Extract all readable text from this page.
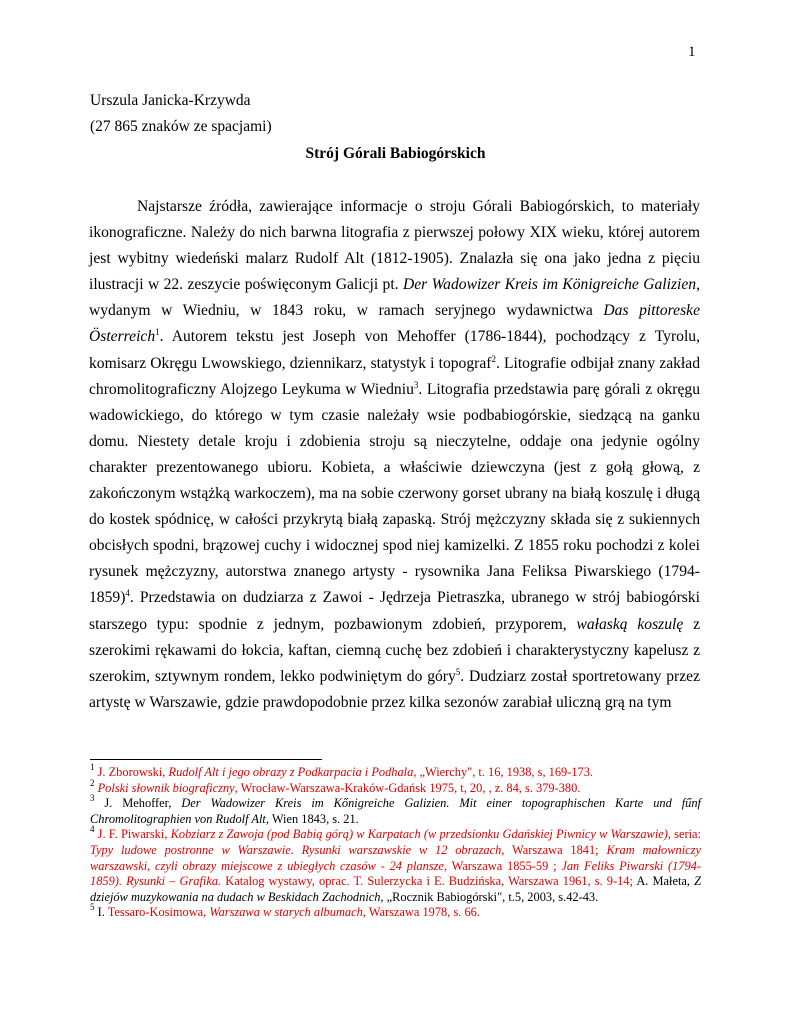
1
Urszula Janicka-Krzywda
(27 865 znaków ze spacjami)
Strój Górali Babiogórskich

Najstarsze źródła, zawierające informacje o stroju Górali Babiogórskich, to materiały ikonograficzne. Należy do nich barwna litografia z pierwszej połowy XIX wieku, której autorem jest wybitny wiedeński malarz Rudolf Alt (1812-1905). Znalazła się ona jako jedna z pięciu ilustracji w 22. zeszycie poświęconym Galicji pt. Der Wadowizer Kreis im Königreiche Galizien, wydanym w Wiedniu, w 1843 roku, w ramach seryjnego wydawnictwa Das pittoreske Österreich$^1$. Autorem tekstu jest Joseph von Mehoffer (1786-1844), pochodzący z Tyrolu, komisarz Okręgu Lwowskiego, dziennikarz, statystyk i topograf$^2$. Litografie odbijał znany zakład chromolitograficzny Alojzego Leykuma w Wiedniu$^3$. Litografia przedstawia parę górali z okręgu wadowickiego, do którego w tym czasie należały wsie podbabiogórskie, siedzącą na ganku domu. Niestety detale kroju i zdobienia stroju są nieczytelne, oddaje ona jedynie ogólny charakter prezentowanego ubioru. Kobieta, a właściwie dziewczyna (jest z gołą głową, z zakończonym wstążką warkoczem), ma na sobie czerwony gorset ubrany na białą koszulę i długą do kostek spódnicę, w całości przykrytą białą zapaską. Strój mężczyzny składa się z sukiennych obcisłych spodni, brązowej cuchy i widocznej spod niej kamizelki. Z 1855 roku pochodzi z kolei rysunek mężczyzny, autorstwa znanego artysty - rysownika Jana Feliksa Piwarskiego (1794-1859)$^4$. Przedstawia on dudziarza z Zawoi - Jędrzeja Pietraszka, ubranego w strój babiogórski starszego typu: spodnie z jednym, pozbawionym zdobień, przyporem, wałaską koszulę z szerokimi rękawami do łokcia, kaftan, ciemną cuchę bez zdobień i charakterystyczny kapelusz z szerokim, sztywnym rondem, lekko podwiniętym do góry$^5$. Dudziarz został sportretowany przez artystę w Warszawie, gdzie prawdopodobnie przez kilka sezonów zarabiał uliczną grą na tym

$^1$ J. Zborowski, Rudolf Alt i jego obrazy z Podkarpacia i Podhala, „Wierchy", t. 16, 1938, s, 169-173.

$^2$ Polski słownik biograficzny, Wrocław-Warszawa-Kraków-Gdańsk 1975, t, 20, , z. 84, s. 379-380.

$^3$ J. Mehoffer, Der Wadowizer Kreis im Kőnigreiche Galizien. Mit einer topographischen Karte und fűnf Chromolitographien von Rudolf Alt, Wien 1843, s. 21.

$^4$ J. F. Piwarski, Kobziarz z Zawoja (pod Babią górą) w Karpatach (w przedsionku Gdańskiej Piwnicy w Warszawie), seria: Typy ludowe postronne w Warszawie. Rysunki warszawskie w 12 obrazach, Warszawa 1841; Kram małowniczy warszawski, czyli obrazy miejscowe z ubiegłych czasów - 24 plansze, Warszawa 1855-59 ; Jan Feliks Piwarski (1794-1859). Rysunki – Grafika. Katalog wystawy, oprac. T. Sulerzycka i E. Budzińska, Warszawa 1961, s. 9-14; A. Małeta, Z dziejów muzykowania na dudach w Beskidach Zachodnich, „Rocznik Babiogórski", t.5, 2003, s.42-43.

$^5$ I. Tessaro-Kosimowa, Warszawa w starych albumach, Warszawa 1978, s. 66.
